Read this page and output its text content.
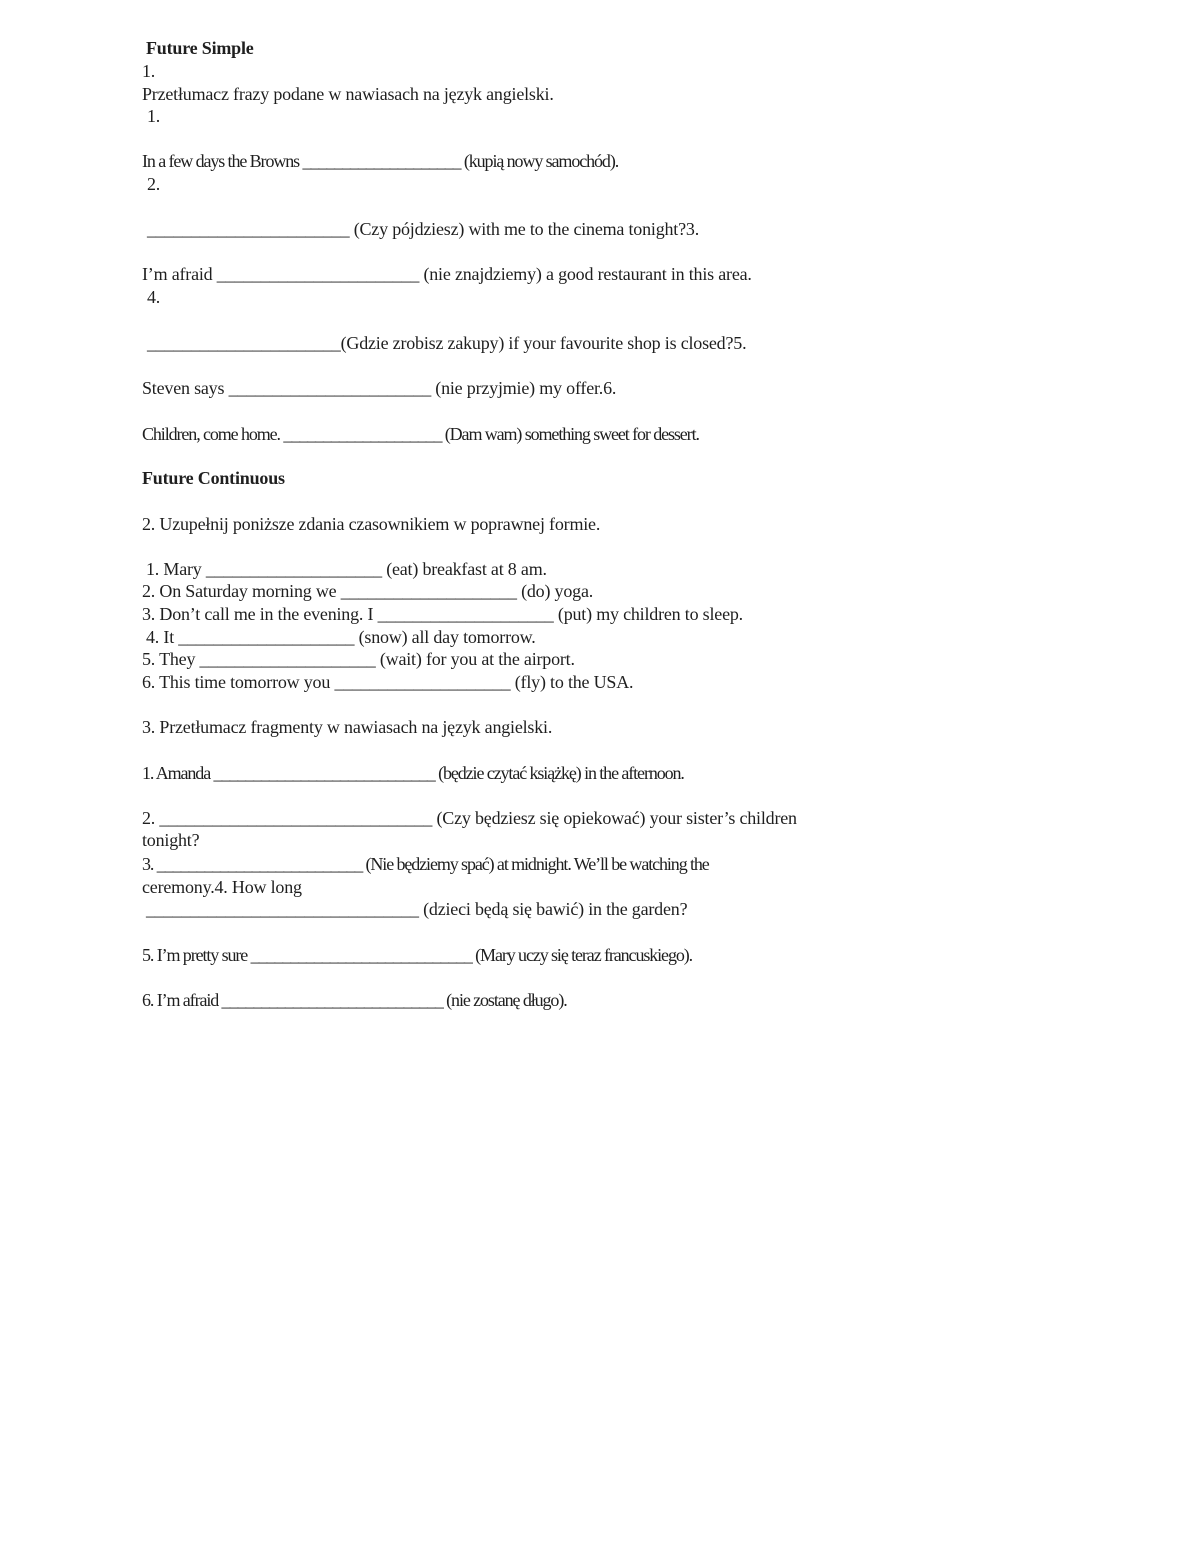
Future Simple
1.
Przetłumacz frazy podane w nawiasach na język angielski.
1.
In a few days the Browns ____________________ (kupią nowy samochód).
2.
_______________________ (Czy pójdziesz) with me to the cinema tonight?3.
I’m afraid _______________________ (nie znajdziemy) a good restaurant in this area.
4.
______________________(Gdzie zrobisz zakupy) if your favourite shop is closed?5.
Steven says _______________________ (nie przyjmie) my offer.6.
Children, come home. ____________________ (Dam wam) something sweet for dessert.
Future Continuous
2. Uzupełnij poniższe zdania czasownikiem w poprawnej formie.
1. Mary ____________________ (eat) breakfast at 8 am.
2. On Saturday morning we ____________________ (do) yoga.
3. Don’t call me in the evening. I ____________________ (put) my children to sleep.
4. It ____________________ (snow) all day tomorrow.
5. They ____________________ (wait) for you at the airport.
6. This time tomorrow you ____________________ (fly) to the USA.
3. Przetłumacz fragmenty w nawiasach na język angielski.
1. Amanda ____________________________ (będzie czytać książkę) in the afternoon.
2. _______________________________ (Czy będziesz się opiekować) your sister’s children
tonight?
3. __________________________ (Nie będziemy spać) at midnight. We’ll be watching the
ceremony.4. How long
_______________________________ (dzieci będą się bawić) in the garden?
5. I’m pretty sure ____________________________ (Mary uczy się teraz francuskiego).
6. I’m afraid ____________________________ (nie zostanę długo).
